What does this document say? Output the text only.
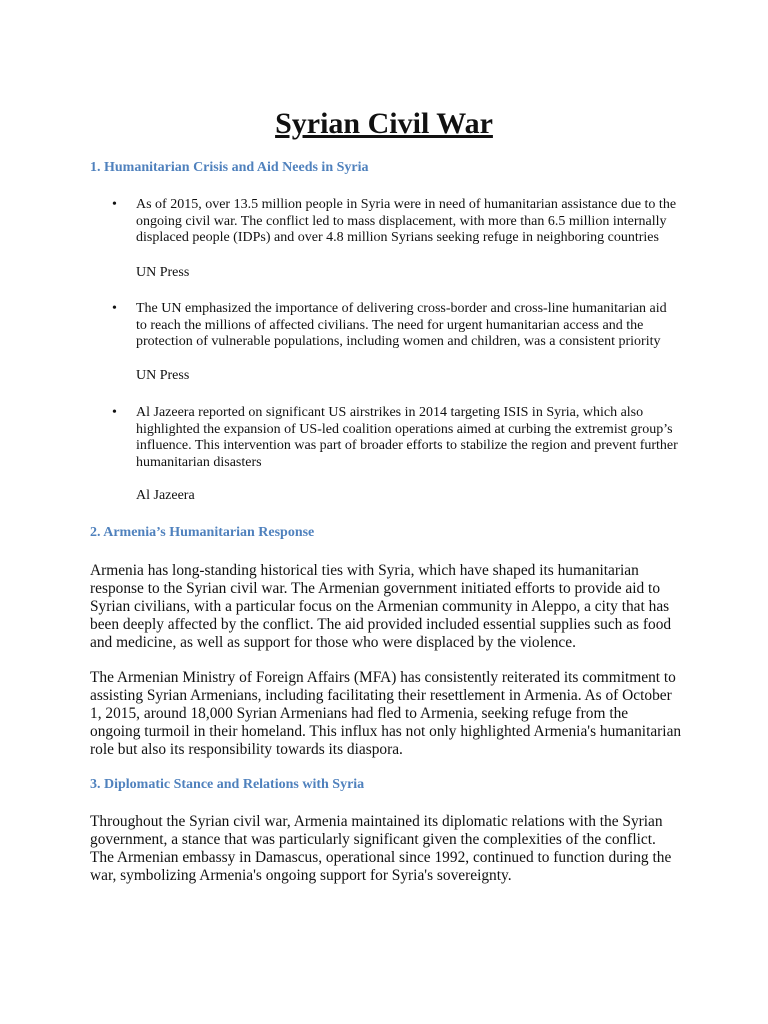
Syrian Civil War

1. Humanitarian Crisis and Aid Needs in Syria

• As of 2015, over 13.5 million people in Syria were in need of humanitarian assistance due to the ongoing civil war. The conflict led to mass displacement, with more than 6.5 million internally displaced people (IDPs) and over 4.8 million Syrians seeking refuge in neighboring countries

UN Press

• The UN emphasized the importance of delivering cross-border and cross-line humanitarian aid to reach the millions of affected civilians. The need for urgent humanitarian access and the protection of vulnerable populations, including women and children, was a consistent priority

UN Press

• Al Jazeera reported on significant US airstrikes in 2014 targeting ISIS in Syria, which also highlighted the expansion of US-led coalition operations aimed at curbing the extremist group’s influence. This intervention was part of broader efforts to stabilize the region and prevent further humanitarian disasters

Al Jazeera

2. Armenia’s Humanitarian Response

Armenia has long-standing historical ties with Syria, which have shaped its humanitarian response to the Syrian civil war. The Armenian government initiated efforts to provide aid to Syrian civilians, with a particular focus on the Armenian community in Aleppo, a city that has been deeply affected by the conflict. The aid provided included essential supplies such as food and medicine, as well as support for those who were displaced by the violence.

The Armenian Ministry of Foreign Affairs (MFA) has consistently reiterated its commitment to assisting Syrian Armenians, including facilitating their resettlement in Armenia. As of October 1, 2015, around 18,000 Syrian Armenians had fled to Armenia, seeking refuge from the ongoing turmoil in their homeland. This influx has not only highlighted Armenia's humanitarian role but also its responsibility towards its diaspora.

3. Diplomatic Stance and Relations with Syria

Throughout the Syrian civil war, Armenia maintained its diplomatic relations with the Syrian government, a stance that was particularly significant given the complexities of the conflict. The Armenian embassy in Damascus, operational since 1992, continued to function during the war, symbolizing Armenia's ongoing support for Syria's sovereignty.
